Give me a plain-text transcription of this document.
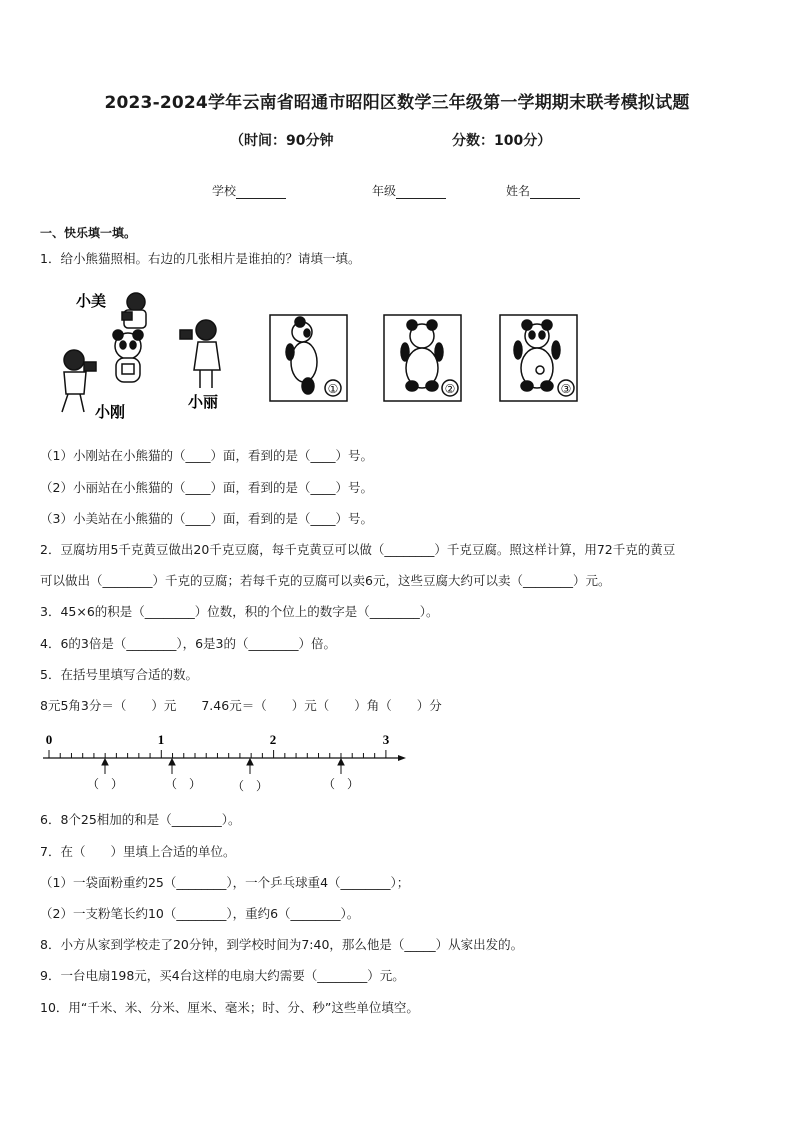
2023-2024学年云南省昭通市昭阳区数学三年级第一学期期末联考模拟试题
（时间：90分钟	分数：100分）
学校	年级	姓名
一、快乐填一填。
1．给小熊猫照相。右边的几张相片是谁拍的？请填一填。
小美
小刚
小丽
①	②	③
（1）小刚站在小熊猫的（____）面，看到的是（____）号。
（2）小丽站在小熊猫的（____）面，看到的是（____）号。
（3）小美站在小熊猫的（____）面，看到的是（____）号。
2．豆腐坊用5千克黄豆做出20千克豆腐，每千克黄豆可以做（________）千克豆腐。照这样计算，用72千克的黄豆
可以做出（________）千克的豆腐；若每千克的豆腐可以卖6元，这些豆腐大约可以卖（________）元。
3．45×6的积是（________）位数，积的个位上的数字是（________）。
4．6的3倍是（________），6是3的（________）倍。
5．在括号里填写合适的数。
8元5角3分＝（　　）元　　7.46元＝（　　）元（　　）角（　　）分
0	1	2	3
（　）	（　）	（　）	（　）
6．8个25相加的和是（________）。
7．在（　　）里填上合适的单位。
（1）一袋面粉重约25（________），一个乒乓球重4（________）；
（2）一支粉笔长约10（________），重约6（________）。
8．小方从家到学校走了20分钟，到学校时间为7:40，那么他是（_____）从家出发的。
9．一台电扇198元，买4台这样的电扇大约需要（________）元。
10．用“千米、米、分米、厘米、毫米；时、分、秒”这些单位填空。
